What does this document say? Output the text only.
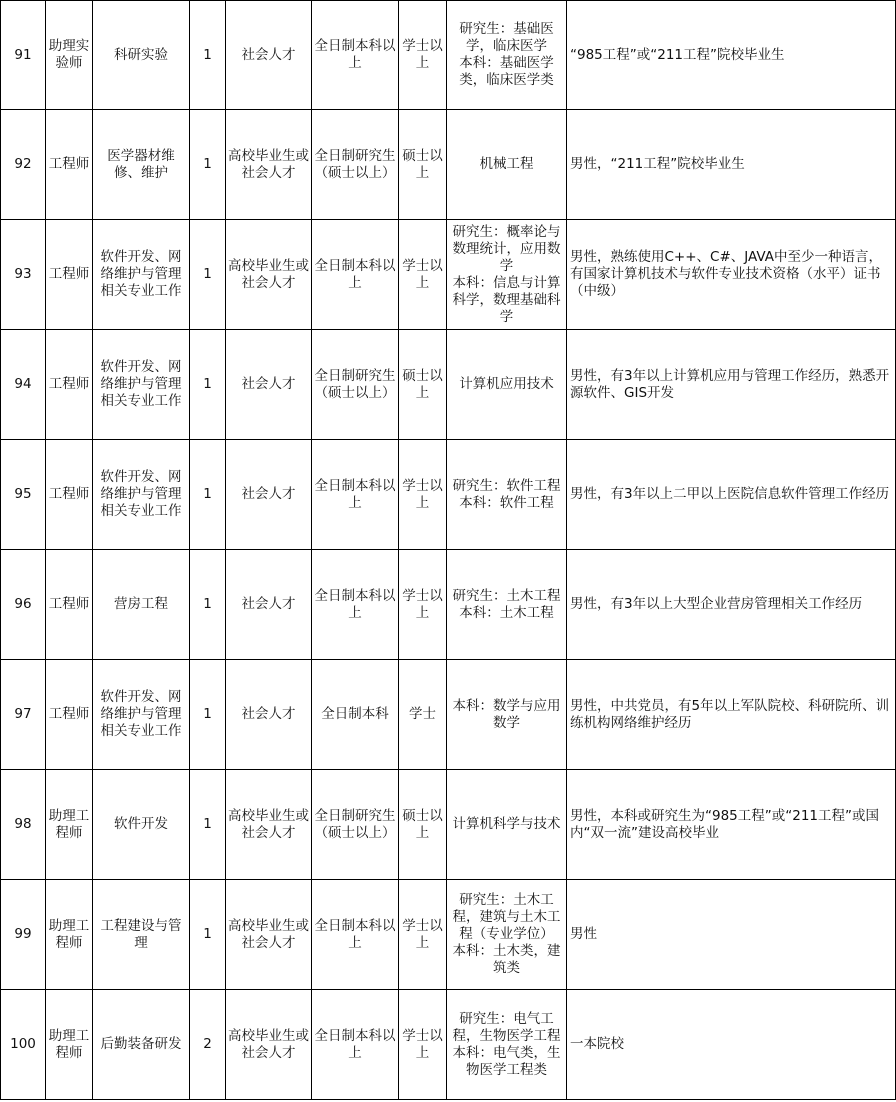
91	助理实验师	科研实验	1	社会人才	全日制本科以上	学士以上	研究生：基础医学，临床医学
本科：基础医学类，临床医学类	“985工程”或“211工程”院校毕业生
92	工程师	医学器材维修、维护	1	高校毕业生或社会人才	全日制研究生（硕士以上）	硕士以上	机械工程	男性，“211工程”院校毕业生
93	工程师	软件开发、网络维护与管理相关专业工作	1	高校毕业生或社会人才	全日制本科以上	学士以上	研究生：概率论与数理统计，应用数学
本科：信息与计算科学，数理基础科学	男性，熟练使用C++、C#、JAVA中至少一种语言，有国家计算机技术与软件专业技术资格（水平）证书（中级）
94	工程师	软件开发、网络维护与管理相关专业工作	1	社会人才	全日制研究生（硕士以上）	硕士以上	计算机应用技术	男性，有3年以上计算机应用与管理工作经历，熟悉开源软件、GIS开发
95	工程师	软件开发、网络维护与管理相关专业工作	1	社会人才	全日制本科以上	学士以上	研究生：软件工程
本科：软件工程	男性，有3年以上二甲以上医院信息软件管理工作经历
96	工程师	营房工程	1	社会人才	全日制本科以上	学士以上	研究生：土木工程
本科：土木工程	男性，有3年以上大型企业营房管理相关工作经历
97	工程师	软件开发、网络维护与管理相关专业工作	1	社会人才	全日制本科	学士	本科：数学与应用数学	男性，中共党员，有5年以上军队院校、科研院所、训练机构网络维护经历
98	助理工程师	软件开发	1	高校毕业生或社会人才	全日制研究生（硕士以上）	硕士以上	计算机科学与技术	男性，本科或研究生为“985工程”或“211工程”或国内“双一流”建设高校毕业
99	助理工程师	工程建设与管理	1	高校毕业生或社会人才	全日制本科以上	学士以上	研究生：土木工程，建筑与土木工程（专业学位）
本科：土木类，建筑类	男性
100	助理工程师	后勤装备研发	2	高校毕业生或社会人才	全日制本科以上	学士以上	研究生：电气工程，生物医学工程
本科：电气类，生物医学工程类	一本院校
